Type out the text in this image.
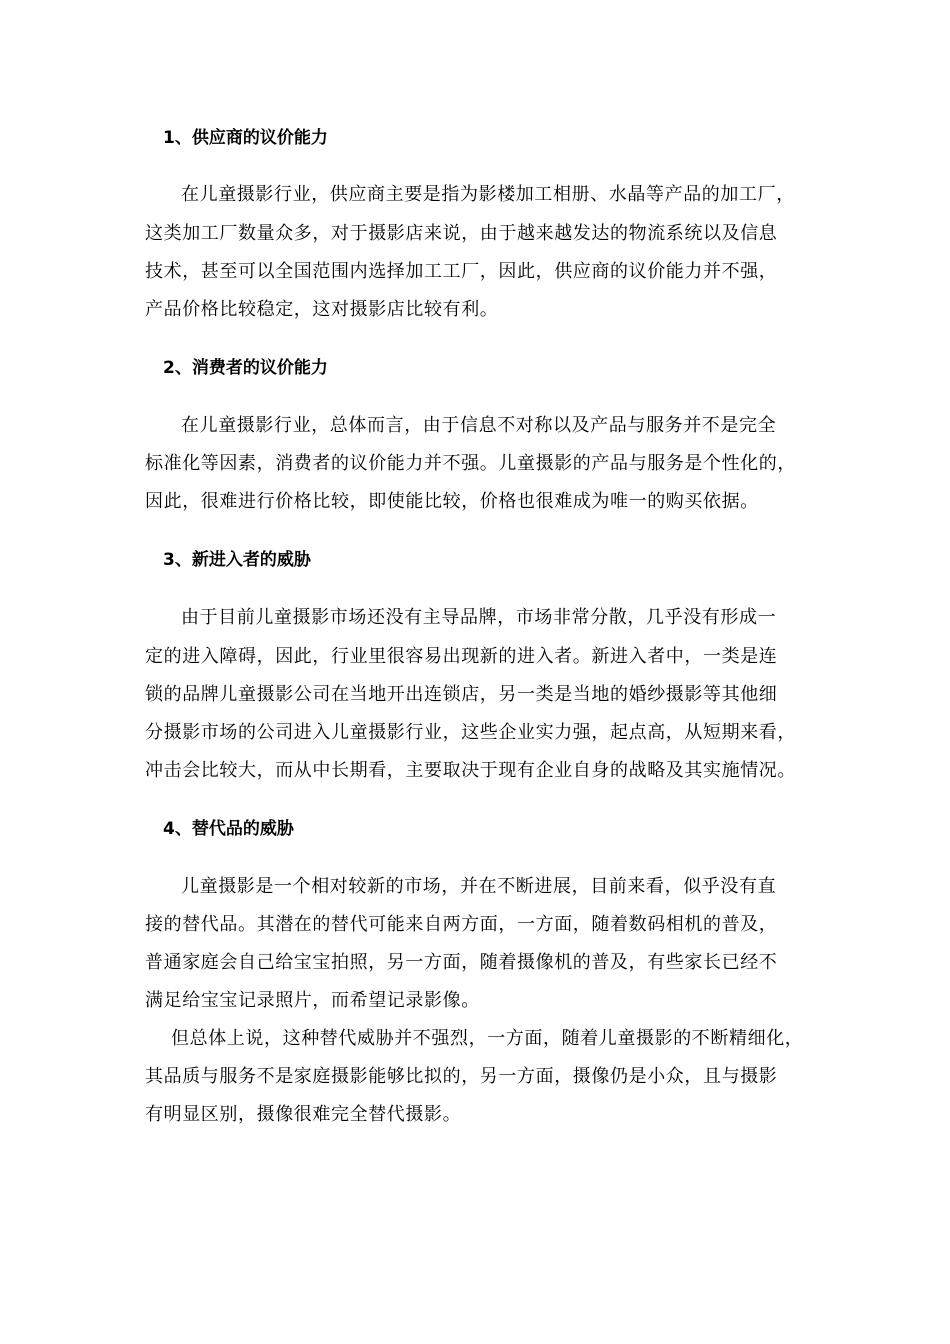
1、供应商的议价能力
在儿童摄影行业，供应商主要是指为影楼加工相册、水晶等产品的加工厂，
这类加工厂数量众多，对于摄影店来说，由于越来越发达的物流系统以及信息
技术，甚至可以全国范围内选择加工工厂，因此，供应商的议价能力并不强，
产品价格比较稳定，这对摄影店比较有利。
2、消费者的议价能力
在儿童摄影行业，总体而言，由于信息不对称以及产品与服务并不是完全
标准化等因素，消费者的议价能力并不强。儿童摄影的产品与服务是个性化的，
因此，很难进行价格比较，即使能比较，价格也很难成为唯一的购买依据。
3、新进入者的威胁
由于目前儿童摄影市场还没有主导品牌，市场非常分散，几乎没有形成一
定的进入障碍，因此，行业里很容易出现新的进入者。新进入者中，一类是连
锁的品牌儿童摄影公司在当地开出连锁店，另一类是当地的婚纱摄影等其他细
分摄影市场的公司进入儿童摄影行业，这些企业实力强，起点高，从短期来看，
冲击会比较大，而从中长期看，主要取决于现有企业自身的战略及其实施情况。
4、替代品的威胁
儿童摄影是一个相对较新的市场，并在不断进展，目前来看，似乎没有直
接的替代品。其潜在的替代可能来自两方面，一方面，随着数码相机的普及，
普通家庭会自己给宝宝拍照，另一方面，随着摄像机的普及，有些家长已经不
满足给宝宝记录照片，而希望记录影像。
但总体上说，这种替代威胁并不强烈，一方面，随着儿童摄影的不断精细化，
其品质与服务不是家庭摄影能够比拟的，另一方面，摄像仍是小众，且与摄影
有明显区别，摄像很难完全替代摄影。
